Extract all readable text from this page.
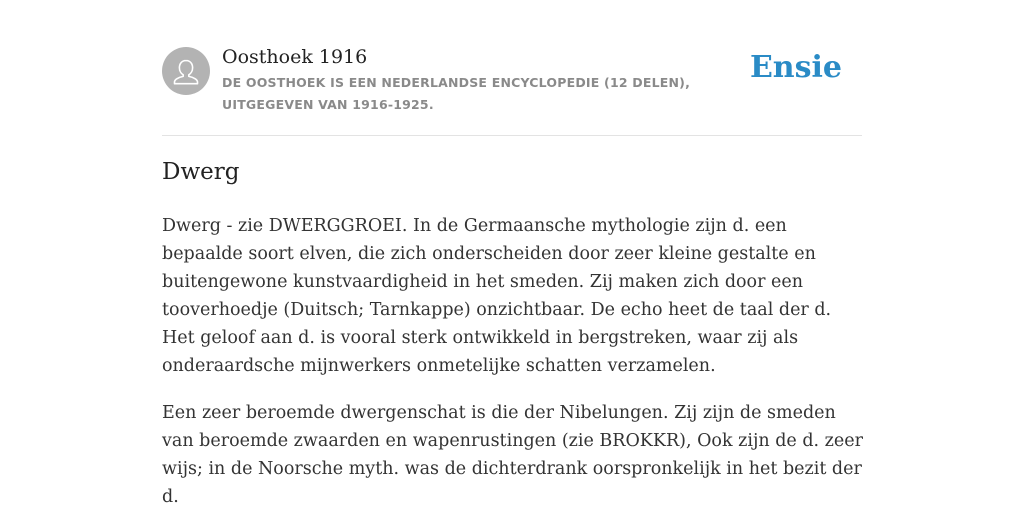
Oosthoek 1916
DE OOSTHOEK IS EEN NEDERLANDSE ENCYCLOPEDIE (12 DELEN), UITGEGEVEN VAN 1916-1925.
Ensie
Dwerg

Dwerg - zie DWERGGROEI. In de Germaansche mythologie zijn d. een bepaalde soort elven, die zich onderscheiden door zeer kleine gestalte en buitengewone kunstvaardigheid in het smeden. Zij maken zich door een tooverhoedje (Duitsch; Tarnkappe) onzichtbaar. De echo heet de taal der d. Het geloof aan d. is vooral sterk ontwikkeld in bergstreken, waar zij als onderaardsche mijnwerkers onmetelijke schatten verzamelen.

Een zeer beroemde dwergenschat is die der Nibelungen. Zij zijn de smeden van beroemde zwaarden en wapenrustingen (zie BROKKR), Ook zijn de d. zeer wijs; in de Noorsche myth. was de dichterdrank oorspronkelijk in het bezit der d.
